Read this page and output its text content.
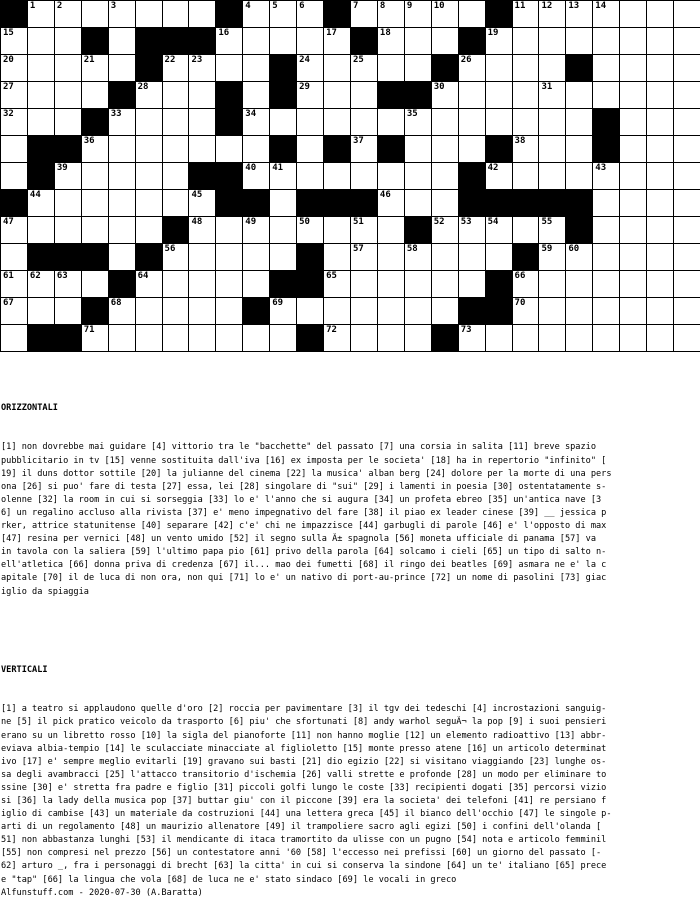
1 2	3	4 5 6	7 8 9 10	11 12 13 14
15	16	17	18	19
20	21	22 23	24	25	26
27	28	29	30	31
32	33	34	35
36	37	38
39	40 41	42	43
44	45	46
47	48	49	50	51	52 53 54	55
56	57	58	59 60
61 62 63	64	65	66
67	68	69	70
71	72	73

ORIZZONTALI

[1] non dovrebbe mai guidare [4] vittorio tra le "bacchette" del passato [7] una corsia in salita [11] breve spazio
pubblicitario in tv [15] venne sostituita dall'iva [16] ex imposta per le societa' [18] ha in repertorio "infinito" [
19] il duns dottor sottile [20] la julianne del cinema [22] la musica' alban berg [24] dolore per la morte di una pers
ona [26] si puo' fare di testa [27] essa, lei [28] singolare di "sui" [29] i lamenti in poesia [30] ostentatamente s-
olenne [32] la room in cui si sorseggia [33] lo e' l'anno che si augura [34] un profeta ebreo [35] un'antica nave [3
6] un regalino accluso alla rivista [37] e' meno impegnativo del fare [38] il piao ex leader cinese [39] __ jessica p
rker, attrice statunitense [40] separare [42] c'e' chi ne impazzisce [44] garbugli di parole [46] e' l'opposto di max
[47] resina per vernici [48] un vento umido [52] il segno sulla Ã± spagnola [56] moneta ufficiale di panama [57] va
in tavola con la saliera [59] l'ultimo papa pio [61] privo della parola [64] solcamo i cieli [65] un tipo di salto n-
ell'atletica [66] donna priva di credenza [67] il... mao dei fumetti [68] il ringo dei beatles [69] asmara ne e' la c
apitale [70] il de luca di non ora, non qui [71] lo e' un nativo di port-au-prince [72] un nome di pasolini [73] giac
iglio da spiaggia

VERTICALI

[1] a teatro si applaudono quelle d'oro [2] roccia per pavimentare [3] il tgv dei tedeschi [4] incrostazioni sanguig-
ne [5] il pick pratico veicolo da trasporto [6] piu' che sfortunati [8] andy warhol seguÃ¬ la pop [9] i suoi pensieri
erano su un libretto rosso [10] la sigla del pianoforte [11] non hanno moglie [12] un elemento radioattivo [13] abbr-
eviava albia-tempio [14] le sculacciate minacciate al figlioletto [15] monte presso atene [16] un articolo determinat
ivo [17] e' sempre meglio evitarli [19] gravano sui basti [21] dio egizio [22] si visitano viaggiando [23] lunghe os-
sa degli avambracci [25] l'attacco transitorio d'ischemia [26] valli strette e profonde [28] un modo per eliminare to
ssine [30] e' stretta fra padre e figlio [31] piccoli golfi lungo le coste [33] recipienti dogati [35] percorsi vizio
si [36] la lady della musica pop [37] buttar giu' con il piccone [39] era la societa' dei telefoni [41] re persiano f
iglio di cambise [43] un materiale da costruzioni [44] una lettera greca [45] il bianco dell'occhio [47] le singole p-
arti di un regolamento [48] un maurizio allenatore [49] il trampoliere sacro agli egizi [50] i confini dell'olanda [
51] non abbastanza lunghi [53] il mendicante di itaca tramortito da ulisse con un pugno [54] nota e articolo femminil
[55] non compresi nel prezzo [56] un contestatore anni '60 [58] l'eccesso nei prefissi [60] un giorno del passato [-
62] arturo _, fra i personaggi di brecht [63] la citta' in cui si conserva la sindone [64] un te' italiano [65] prece
e "tap" [66] la lingua che vola [68] de luca ne e' stato sindaco [69] le vocali in greco

Alfunstuff.com - 2020-07-30 (A.Baratta)
